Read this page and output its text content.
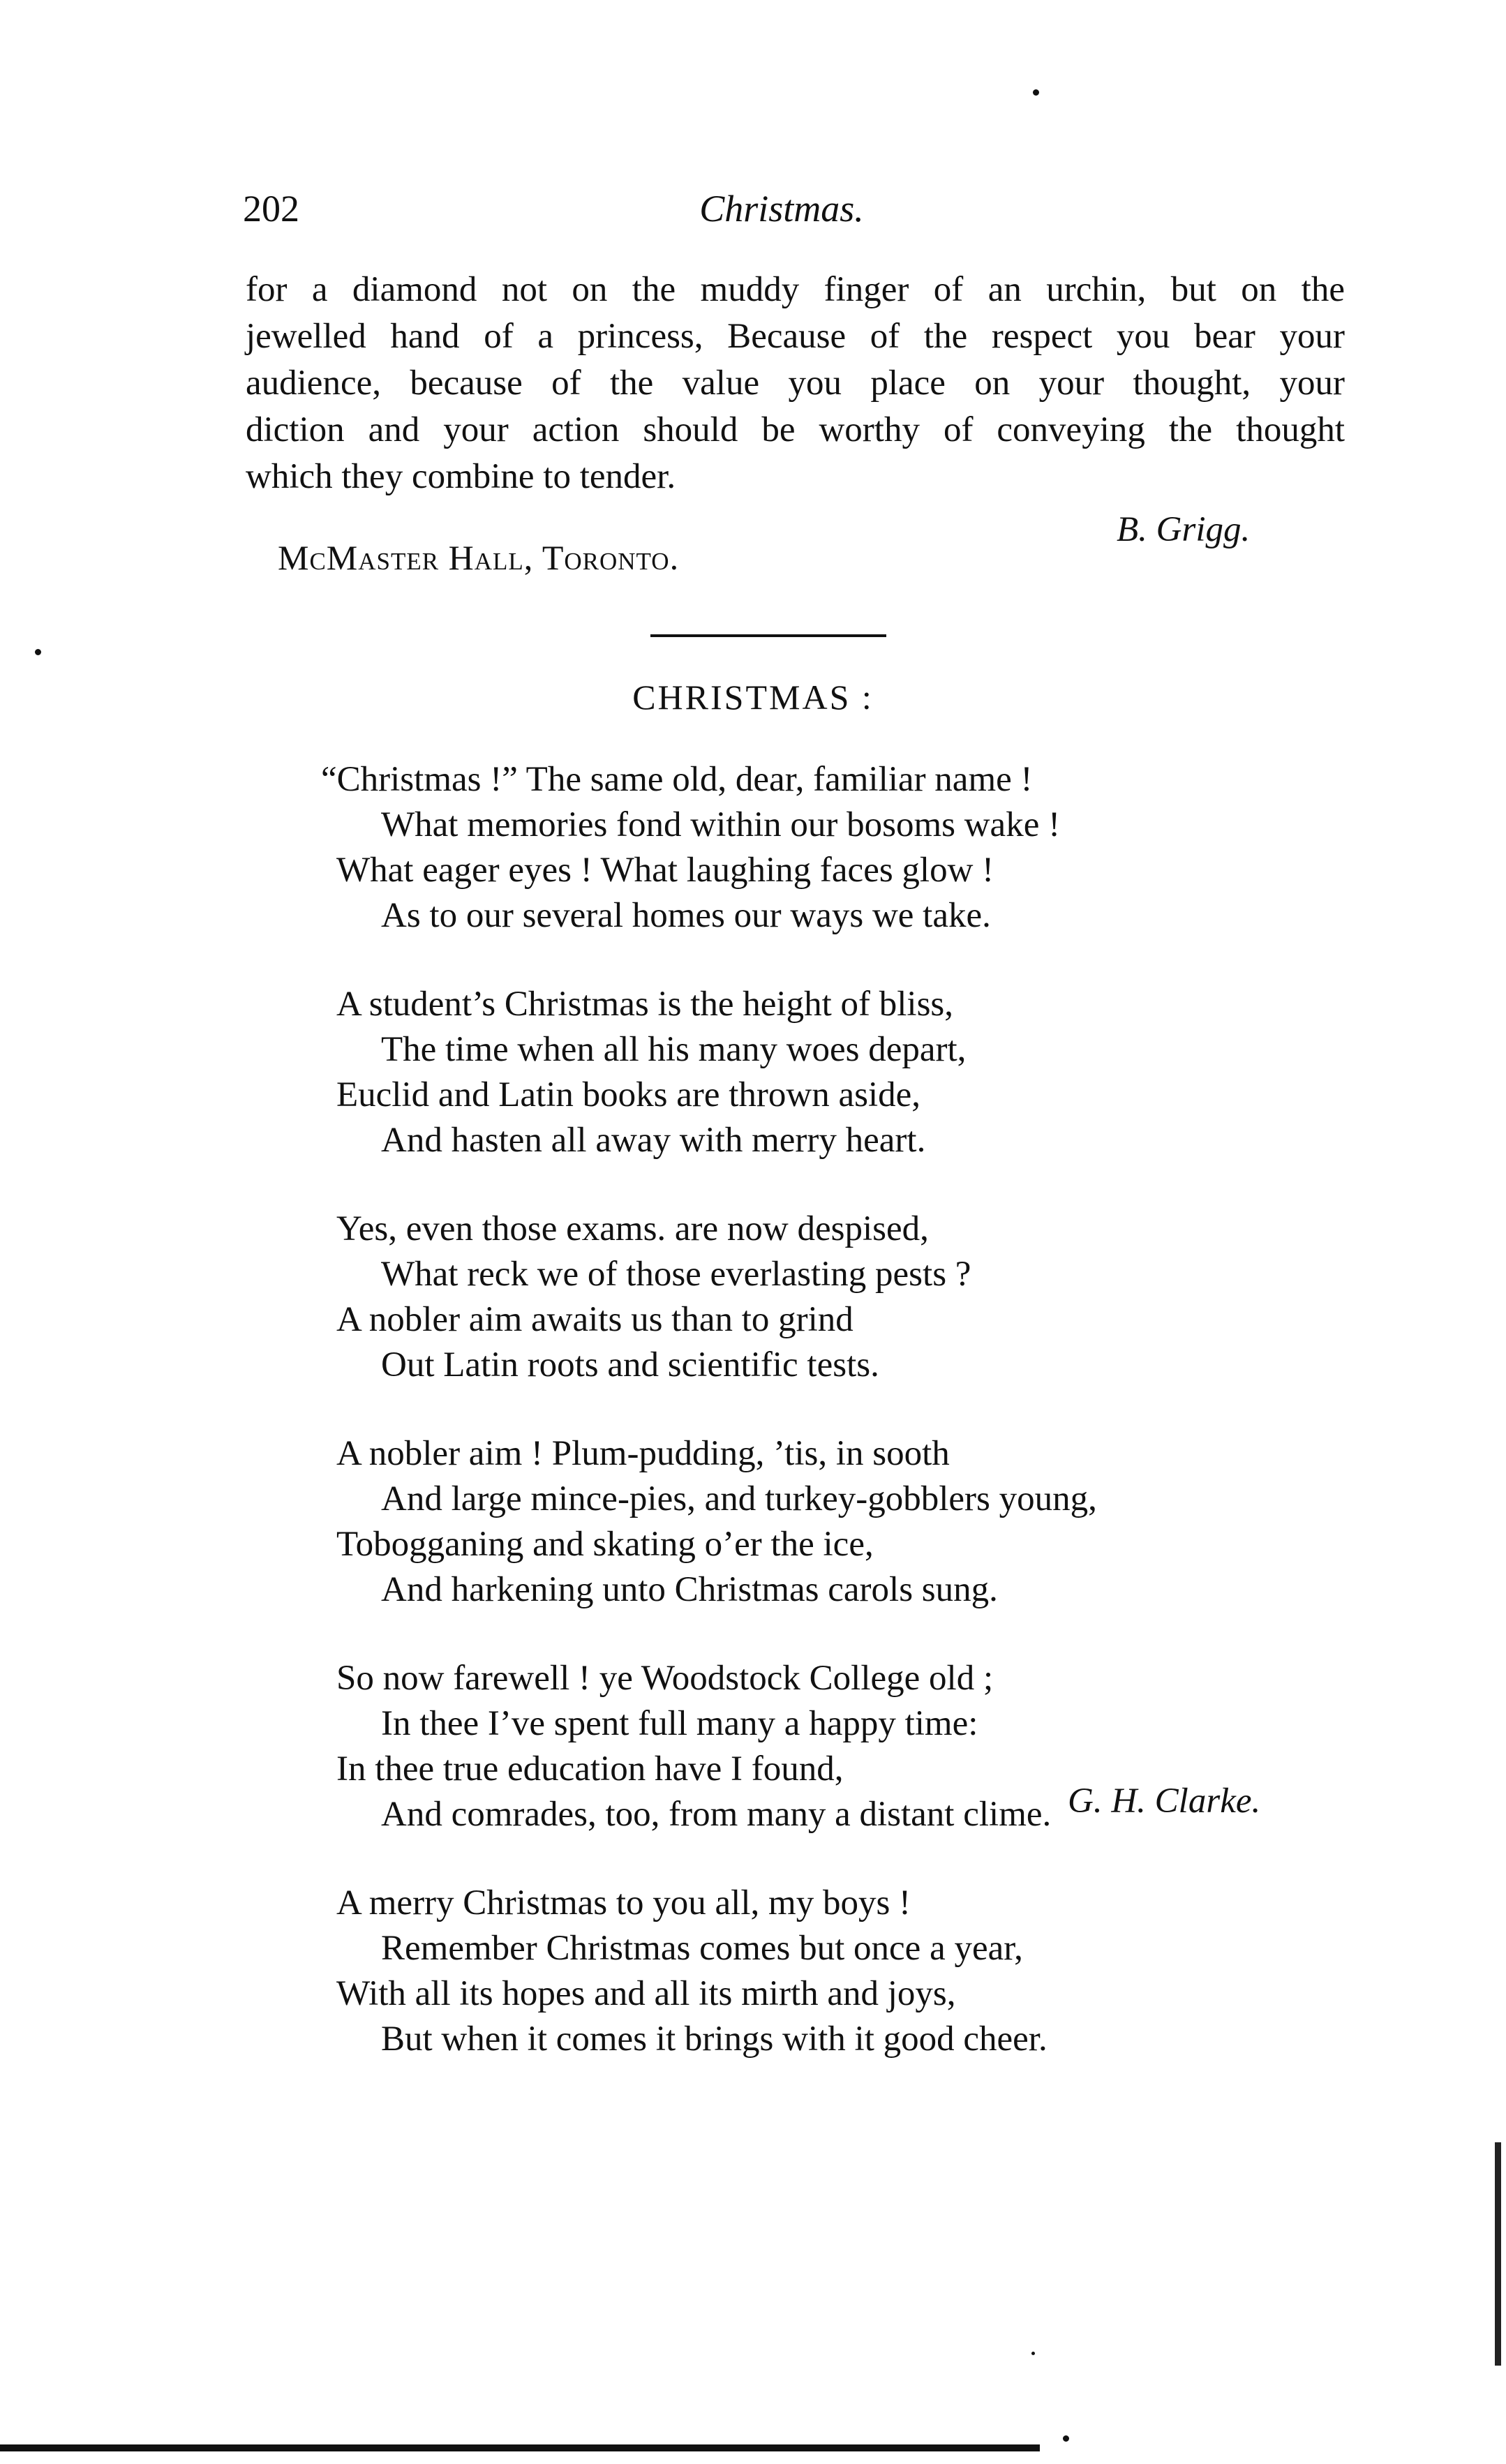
202	Christmas.
for a diamond not on the muddy finger of an urchin, but on the
jewelled hand of a princess, Because of the respect you bear your
audience, because of the value you place on your thought, your
diction and your action should be worthy of conveying the thought
which they combine to tender.
B. Grigg.
McMaster Hall, Toronto.
CHRISTMAS :
“Christmas !” The same old, dear, familiar name !
What memories fond within our bosoms wake !
What eager eyes ! What laughing faces glow !
As to our several homes our ways we take.
A student’s Christmas is the height of bliss,
The time when all his many woes depart,
Euclid and Latin books are thrown aside,
And hasten all away with merry heart.
Yes, even those exams. are now despised,
What reck we of those everlasting pests ?
A nobler aim awaits us than to grind
Out Latin roots and scientific tests.
A nobler aim ! Plum-pudding, ’tis, in sooth
And large mince-pies, and turkey-gobblers young,
Tobogganing and skating o’er the ice,
And harkening unto Christmas carols sung.
So now farewell ! ye Woodstock College old ;
In thee I’ve spent full many a happy time:
In thee true education have I found,
And comrades, too, from many a distant clime.
A merry Christmas to you all, my boys !
Remember Christmas comes but once a year,
With all its hopes and all its mirth and joys,
But when it comes it brings with it good cheer.
G. H. Clarke.
